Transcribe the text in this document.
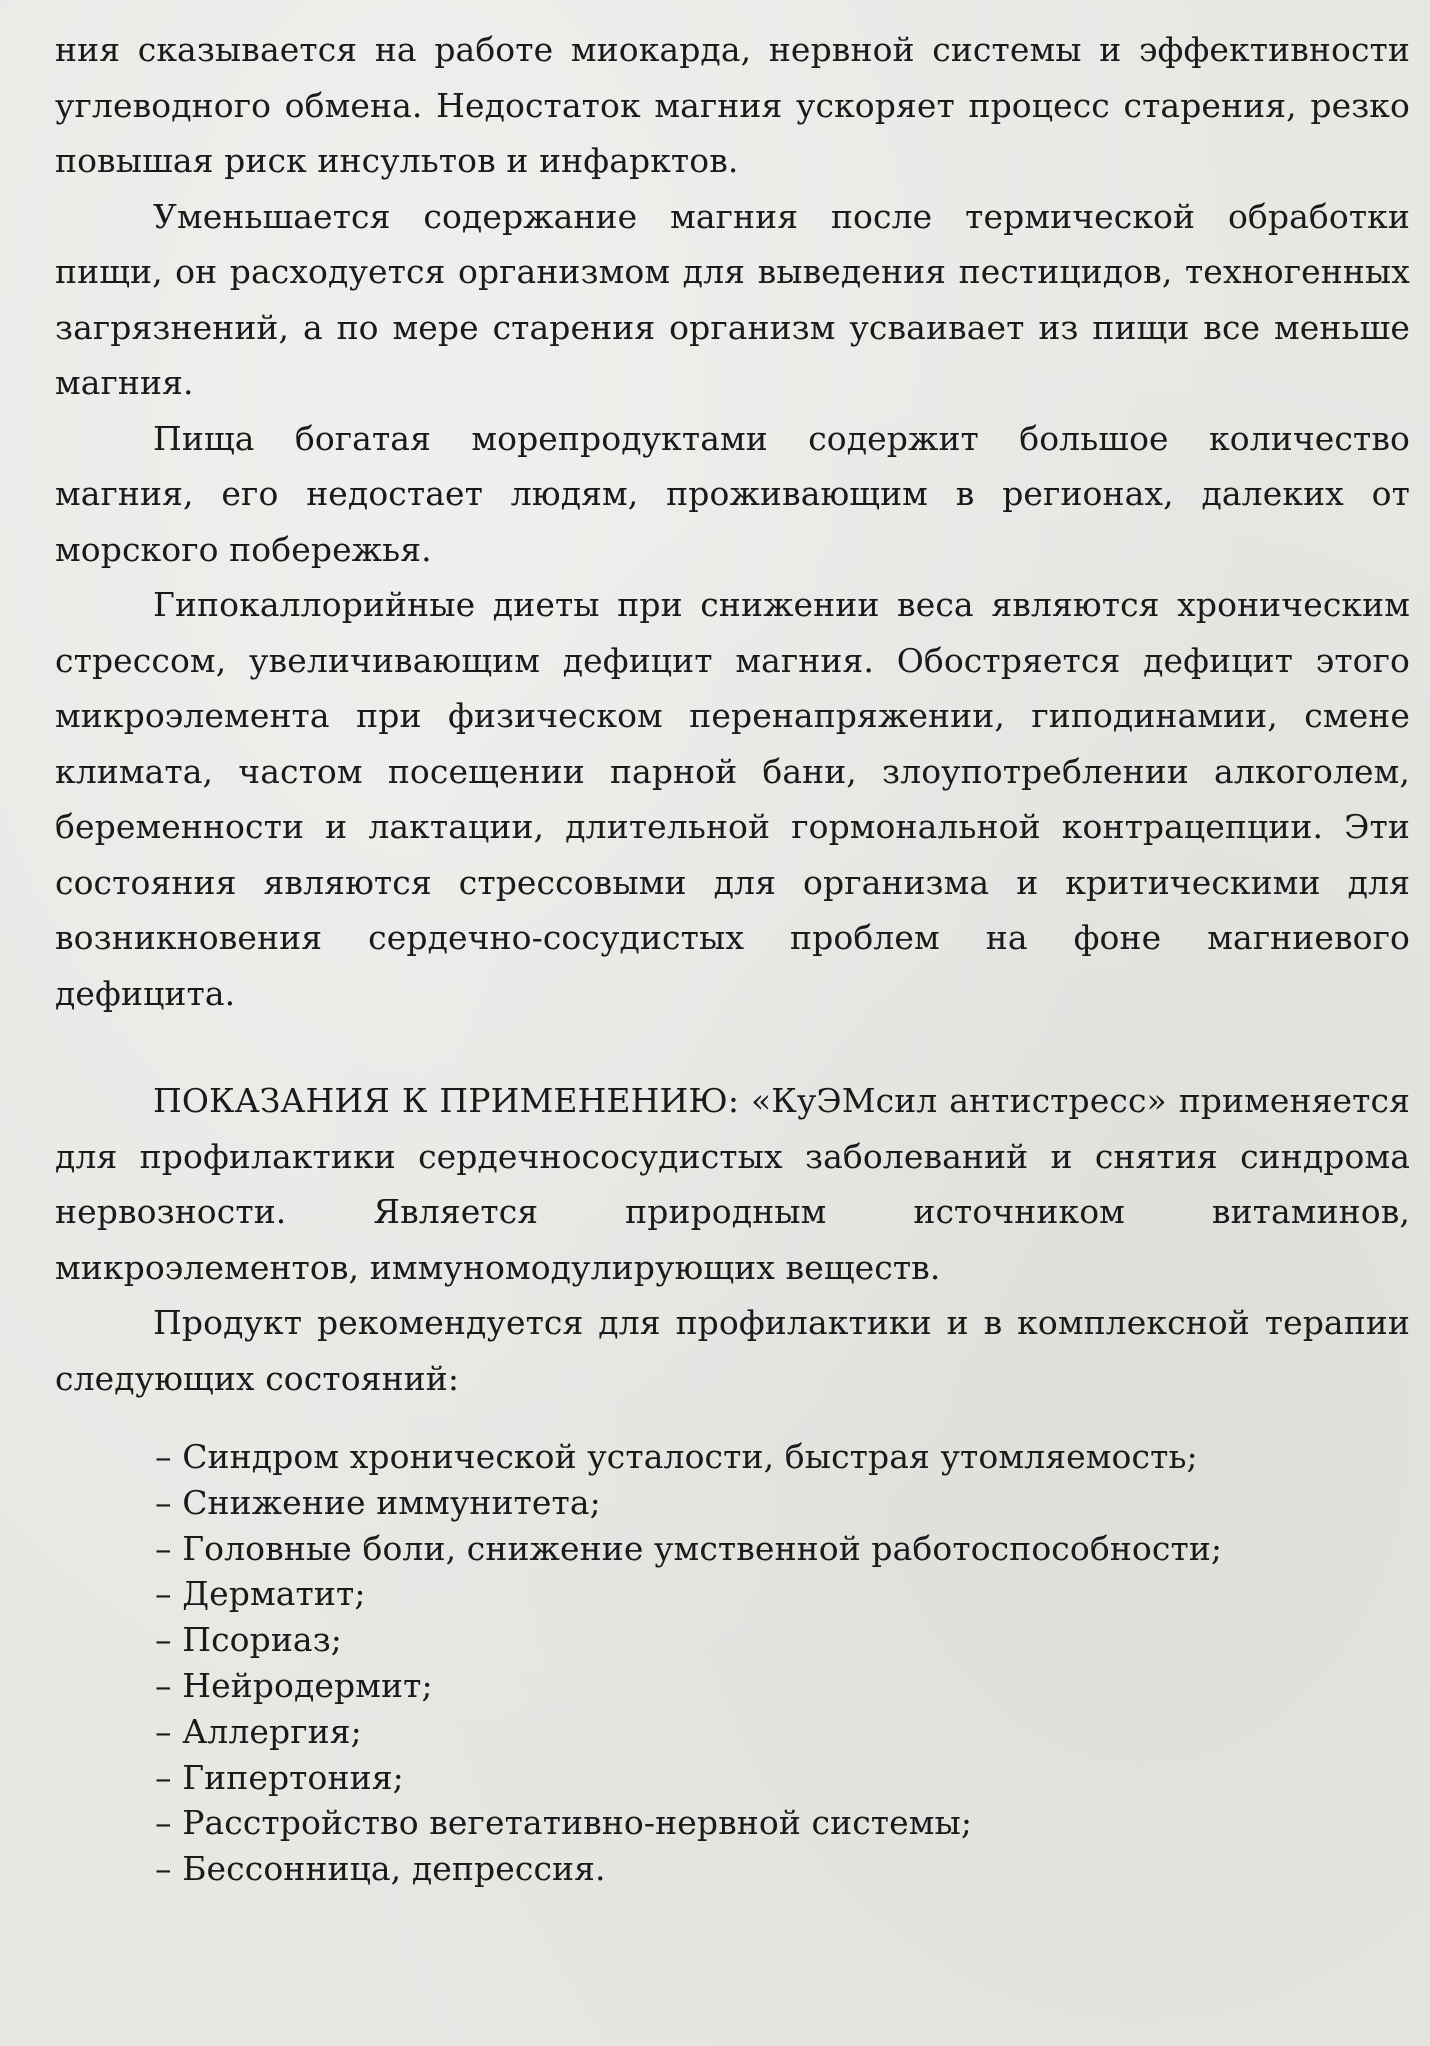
ния сказывается на работе миокарда, нервной системы и эффективности углеводного обмена. Недостаток магния ускоряет процесс старения, резко повышая риск инсультов и инфарктов.

Уменьшается содержание магния после термической обработки пищи, он расходуется организмом для выведения пестицидов, техногенных загрязнений, а по мере старения организм усваивает из пищи все меньше магния.

Пища богатая морепродуктами содержит большое количество магния, его недостает людям, проживающим в регионах, далеких от морского побережья.

Гипокаллорийные диеты при снижении веса являются хроническим стрессом, увеличивающим дефицит магния. Обостряется дефицит этого микроэлемента при физическом перенапряжении, гиподинамии, смене климата, частом посещении парной бани, злоупотреблении алкоголем, беременности и лактации, длительной гормональной контрацепции. Эти состояния являются стрессовыми для организма и критическими для возникновения сердечно-сосудистых проблем на фоне магниевого дефицита.

ПОКАЗАНИЯ К ПРИМЕНЕНИЮ: «КуЭМсил антистресс» применяется для профилактики сердечнососудистых заболеваний и снятия синдрома нервозности. Является природным источником витаминов, микроэлементов, иммуномодулирующих веществ.

Продукт рекомендуется для профилактики и в комплексной терапии следующих состояний:

– Синдром хронической усталости, быстрая утомляемость;
– Снижение иммунитета;
– Головные боли, снижение умственной работоспособности;
– Дерматит;
– Псориаз;
– Нейродермит;
– Аллергия;
– Гипертония;
– Расстройство вегетативно-нервной системы;
– Бессонница, депрессия.
